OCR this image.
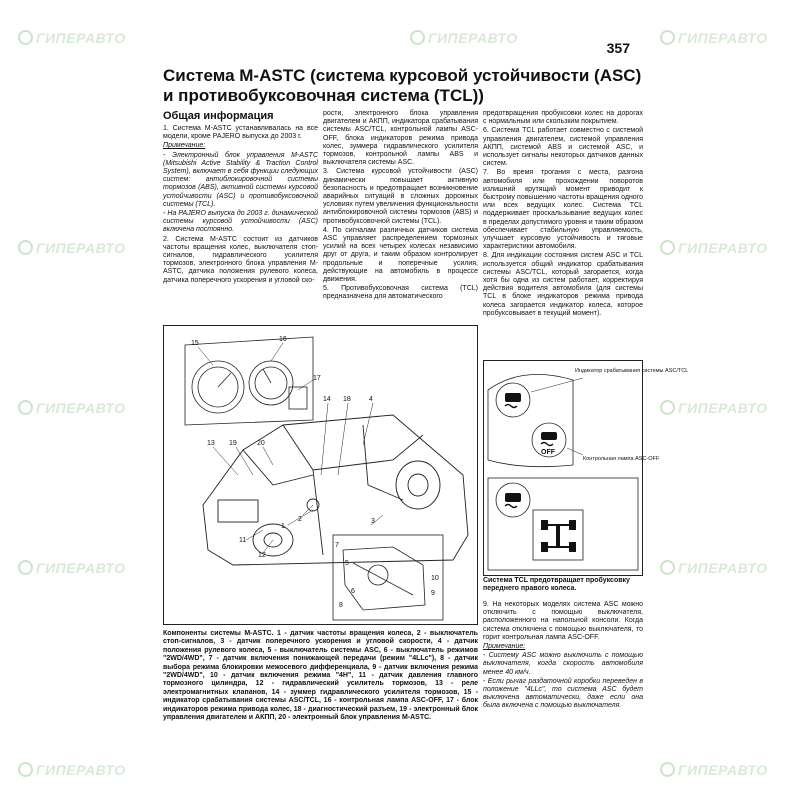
ГИПЕРАВТО	ГИПЕРАВТО	ГИПЕРАВТО
ГИПЕРАВТО	ГИПЕРАВТО
ГИПЕРАВТО	ГИПЕРАВТО
ГИПЕРАВТО	ГИПЕРАВТО
ГИПЕРАВТО	ГИПЕРАВТО
357
Система M-ASTC (система курсовой устойчивости (ASC) и противобуксовочная система (TCL))
Общая информация

1. Система M-ASTC устанавливалась на все модели, кроме PAJERO выпуска до 2003 г.

Примечание:

- Электронный блок управления M-ASTC (Mitsubishi Active Stability & Traction Control System), включает в себя функции следующих систем: антиблокировочной системы тормозов (ABS), активной системы курсовой устойчивости (ASC) и противобуксовочной системы (TCL).

- На PAJERO выпуска до 2003 г. динамической системы курсовой устойчивости (ASC) включена постоянно.

2. Система M-ASTC состоит из датчиков частоты вращения колес, выключателя стоп-сигналов, гидравлического усилителя тормозов, электронного блока управления M-ASTC, датчика положения рулевого колеса, датчика поперечного ускорения и угловой ско-

рости, электронного блока управления двигателем и АКПП, индикатора срабатывания системы ASC/TCL, контрольной лампы ASC-OFF, блока индикаторов режима привода колес, зуммера гидравлического усилителя тормозов, контрольной лампы ABS и выключателя системы ASC.

3. Система курсовой устойчивости (ASC) динамически повышает активную безопасность и предотвращает возникновение аварийных ситуаций в сложных дорожных условиях путем увеличения функциональности антиблокировочной системы тормозов (ABS) и противобуксовочной системы (TCL).

4. По сигналам различных датчиков система ASC управляет распределением тормозных усилий на всех четырех колесах независимо друг от друга, и таким образом контролирует продольные и поперечные усилия, действующие на автомобиль в процессе движения.

5. Противобуксовочная система (TCL) предназначена для автоматического

предотвращения пробуксовки колес на дорогах с нормальным или скользким покрытием.

6. Система TCL работает совместно с системой управления двигателем, системой управления АКПП, системой ABS и системой ASC, и использует сигналы некоторых датчиков данных систем.

7. Во время трогания с места, разгона автомобиля или прохождении поворотов излишний крутящий момент приводит к быстрому повышению частоты вращения одного или всех ведущих колес. Система TCL поддерживает проскальзывание ведущих колес в пределах допустимого уровня и таким образом обеспечивает стабильную управляемость, улучшает курсовую устойчивость и тяговые характеристики автомобиля.

8. Для индикации состояния систем ASC и TCL используется общий индикатор срабатывания системы ASC/TCL, который загорается, когда хотя бы одна из систем работает, корректируя действия водителя автомобиля (для системы TCL в блоке индикаторов режима привода колеса загорается индикатор колеса, которое пробуксовывает в текущий момент).

15
16
17
14 18	4
13 19	20
11
12
1
2	3
7
5
6
8
10
9
Компоненты системы M-ASTC. 1 - датчик частоты вращения колеса, 2 - выключатель стоп-сигналов, 3 - датчик поперечного ускорения и угловой скорости, 4 - датчик положения рулевого колеса, 5 - выключатель системы ASC, 6 - выключатель режимов "2WD/4WD", 7 - датчик включения понижающей передачи (режим "4LLc"), 8 - датчик выбора режима блокировки межосевого дифференциала, 9 - датчик включения режима "2WD/4WD", 10 - датчик включения режима "4H", 11 - датчик давления главного тормозного цилиндра, 12 - гидравлический усилитель тормозов, 13 - реле электромагнитных клапанов, 14 - зуммер гидравлического усилителя тормозов, 15 - индикатор срабатывания системы ASC/TCL, 16 - контрольная лампа ASC-OFF, 17 - блок индикаторов режима привода колес, 18 - диагностический разъем, 19 - электронный блок управления двигателем и АКПП, 20 - электронный блок управления M-ASTC.
OFF
Индикатор срабатывания системы ASC/TCL
Контрольная лампа ASC-OFF
Система TCL предотвращает пробуксовку переднего правого колеса.

9. На некоторых моделях система ASC можно отключить с помощью выключателя, расположенного на напольной консоли. Когда система отключена с помощью выключателя, то горит контрольная лампа ASC-OFF.

Примечание:

- Систему ASC можно выключить с помощью выключателя, когда скорость автомобиля менее 40 км/ч.

- Если рычаг раздаточной коробки переведен в положение "4LLc", то система ASC будет выключена автоматически, даже если она была включена с помощью выключателя.
